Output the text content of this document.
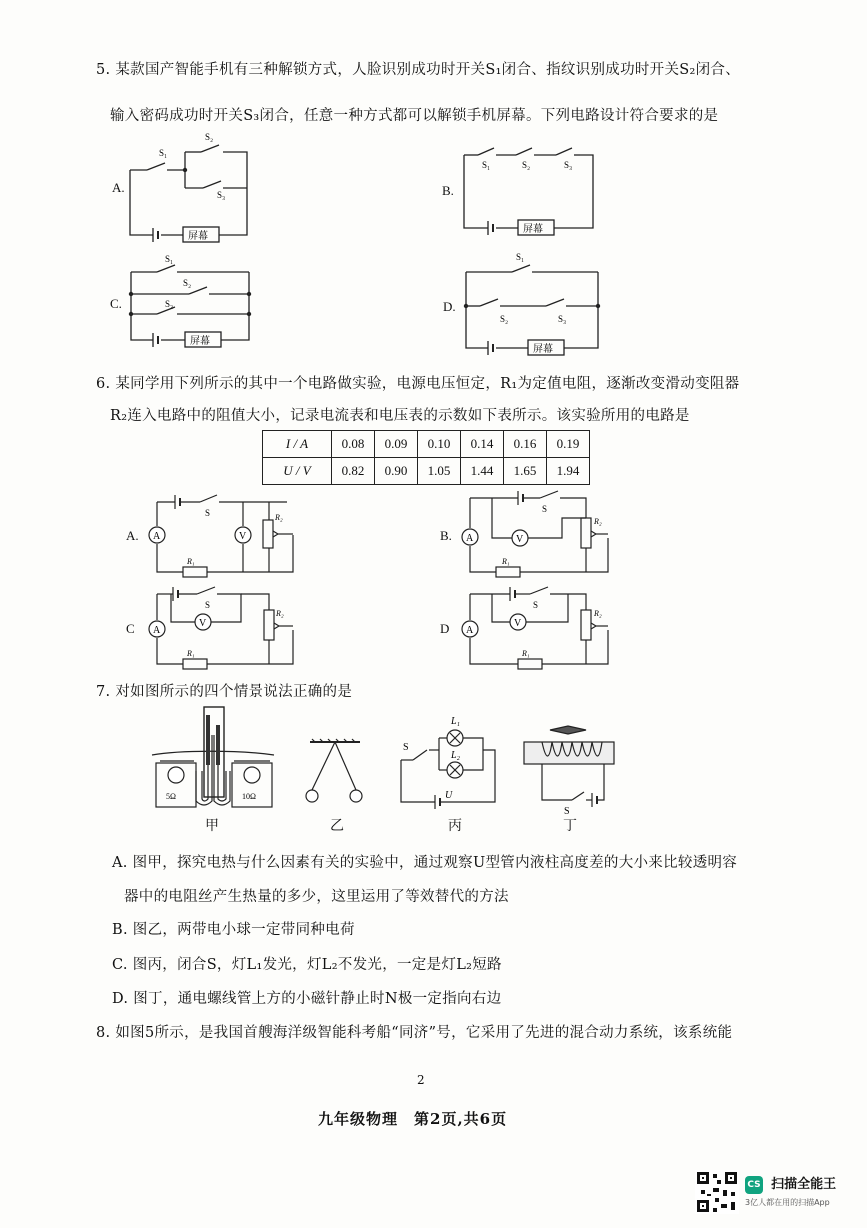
5. 某款国产智能手机有三种解锁方式，人脸识别成功时开关S₁闭合、指纹识别成功时开关S₂闭合、
输入密码成功时开关S₃闭合，任意一种方式都可以解锁手机屏幕。下列电路设计符合要求的是
A.	B.
C.	D.
S₁
S₂
S₃
屏幕
S₁	S₂	S₃
屏幕
S₁
S₂
S₃
屏幕
S₁
S₂	S₃
屏幕
6. 某同学用下列所示的其中一个电路做实验，电源电压恒定，R₁为定值电阻，逐渐改变滑动变阻器
R₂连入电路中的阻值大小，记录电流表和电压表的示数如下表所示。该实验所用的电路是
I / A	0.08	0.09	0.10	0.14	0.16	0.19
U / V	0.82	0.90	1.05	1.44	1.65	1.94
A.	B.
C	D
A	V
S	R₂
R₁
A	V
S
R₂
R₁
A
V
S
R₂
R₁
A
V
S
R₂
R₁
7. 对如图所示的四个情景说法正确的是
5Ω	10Ω
L₁
L₂
S
U
S
甲	乙	丙	丁
A. 图甲，探究电热与什么因素有关的实验中，通过观察U型管内液柱高度差的大小来比较透明容
器中的电阻丝产生热量的多少，这里运用了等效替代的方法
B. 图乙，两带电小球一定带同种电荷
C. 图丙，闭合S，灯L₁发光，灯L₂不发光，一定是灯L₂短路
D. 图丁，通电螺线管上方的小磁针静止时N极一定指向右边
8. 如图5所示，是我国首艘海洋级智能科考船“同济”号，它采用了先进的混合动力系统，该系统能
2
九年级物理　第2页,共6页
CS 扫描全能王
3亿人都在用的扫描App
